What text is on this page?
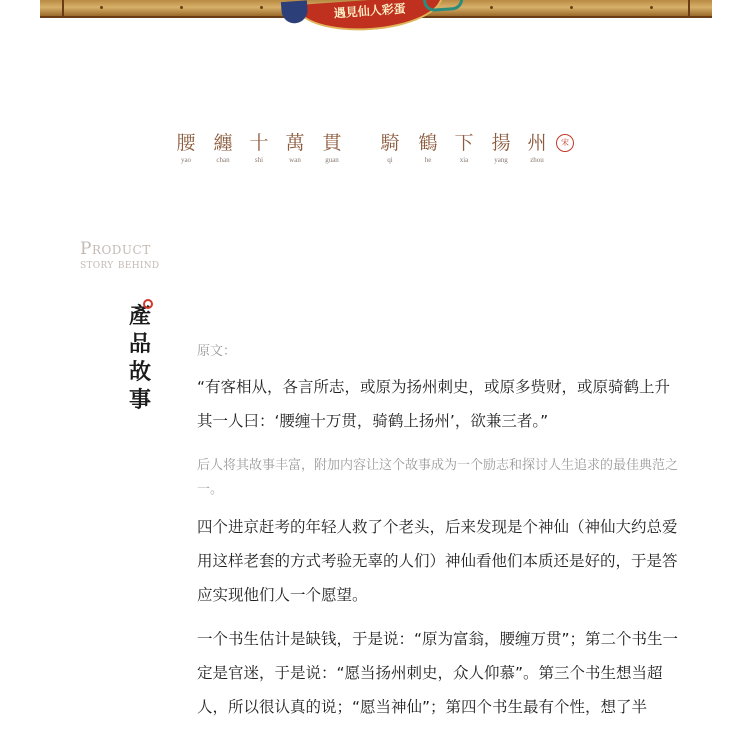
遇見仙人彩蛋
腰
yao
纏
chan
十
shi
萬
wan
貫
guan
騎
qi
鶴
he
下
xia
揚
yang
州
zhou
宋
Product
story behind
產
品
故
事

原文：

“有客相从，各言所志，或原为扬州刺史，或原多赀财，或原骑鹤上升其一人曰：‘腰缠十万贯，骑鹤上扬州’，欲兼三者。”

后人将其故事丰富，附加内容让这个故事成为一个励志和探讨人生追求的最佳典范之一。

四个进京赶考的年轻人救了个老头，后来发现是个神仙（神仙大约总爱用这样老套的方式考验无辜的人们）神仙看他们本质还是好的，于是答应实现他们人一个愿望。

一个书生估计是缺钱，于是说：“原为富翁，腰缠万贯”；第二个书生一定是官迷，于是说：“愿当扬州刺史，众人仰慕”。第三个书生想当超人，所以很认真的说；“愿当神仙”；第四个书生最有个性，想了半
